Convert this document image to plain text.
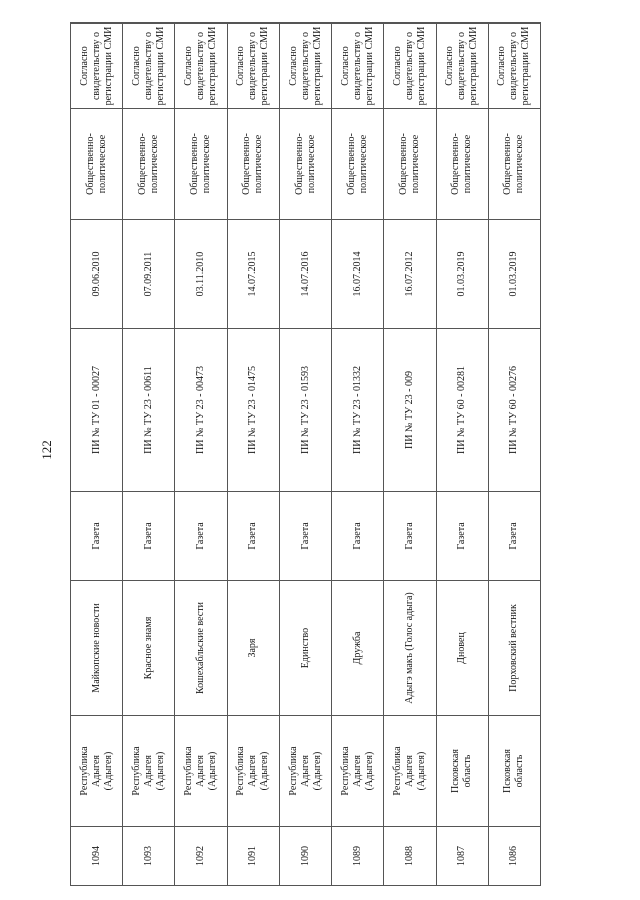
122
1086
Псковская
область
Порховский вестник
Газета
ПИ № ТУ 60 - 00276
01.03.2019
Общественно-
политическое
Согласно
свидетельству о
регистрации СМИ
1087
Псковская
область
Дновец
Газета
ПИ № ТУ 60 - 00281
01.03.2019
Общественно-
политическое
Согласно
свидетельству о
регистрации СМИ
1088
Республика
Адыгея
(Адыгея)
Адыгэ макъ (Голос адыга)
Газета
ПИ № ТУ 23 - 009
16.07.2012
Общественно-
политическое
Согласно
свидетельству о
регистрации СМИ
1089
Республика
Адыгея
(Адыгея)
Дружба
Газета
ПИ № ТУ 23 - 01332
16.07.2014
Общественно-
политическое
Согласно
свидетельству о
регистрации СМИ
1090
Республика
Адыгея
(Адыгея)
Единство
Газета
ПИ № ТУ 23 - 01593
14.07.2016
Общественно-
политическое
Согласно
свидетельству о
регистрации СМИ
1091
Республика
Адыгея
(Адыгея)
Заря
Газета
ПИ № ТУ 23 - 01475
14.07.2015
Общественно-
политическое
Согласно
свидетельству о
регистрации СМИ
1092
Республика
Адыгея
(Адыгея)
Кошехабльские вести
Газета
ПИ № ТУ 23 - 00473
03.11.2010
Общественно-
политическое
Согласно
свидетельству о
регистрации СМИ
1093
Республика
Адыгея
(Адыгея)
Красное знамя
Газета
ПИ № ТУ 23 - 00611
07.09.2011
Общественно-
политическое
Согласно
свидетельству о
регистрации СМИ
1094
Республика
Адыгея
(Адыгея)
Майкопские новости
Газета
ПИ № ТУ 01 - 00027
09.06.2010
Общественно-
политическое
Согласно
свидетельству о
регистрации СМИ
